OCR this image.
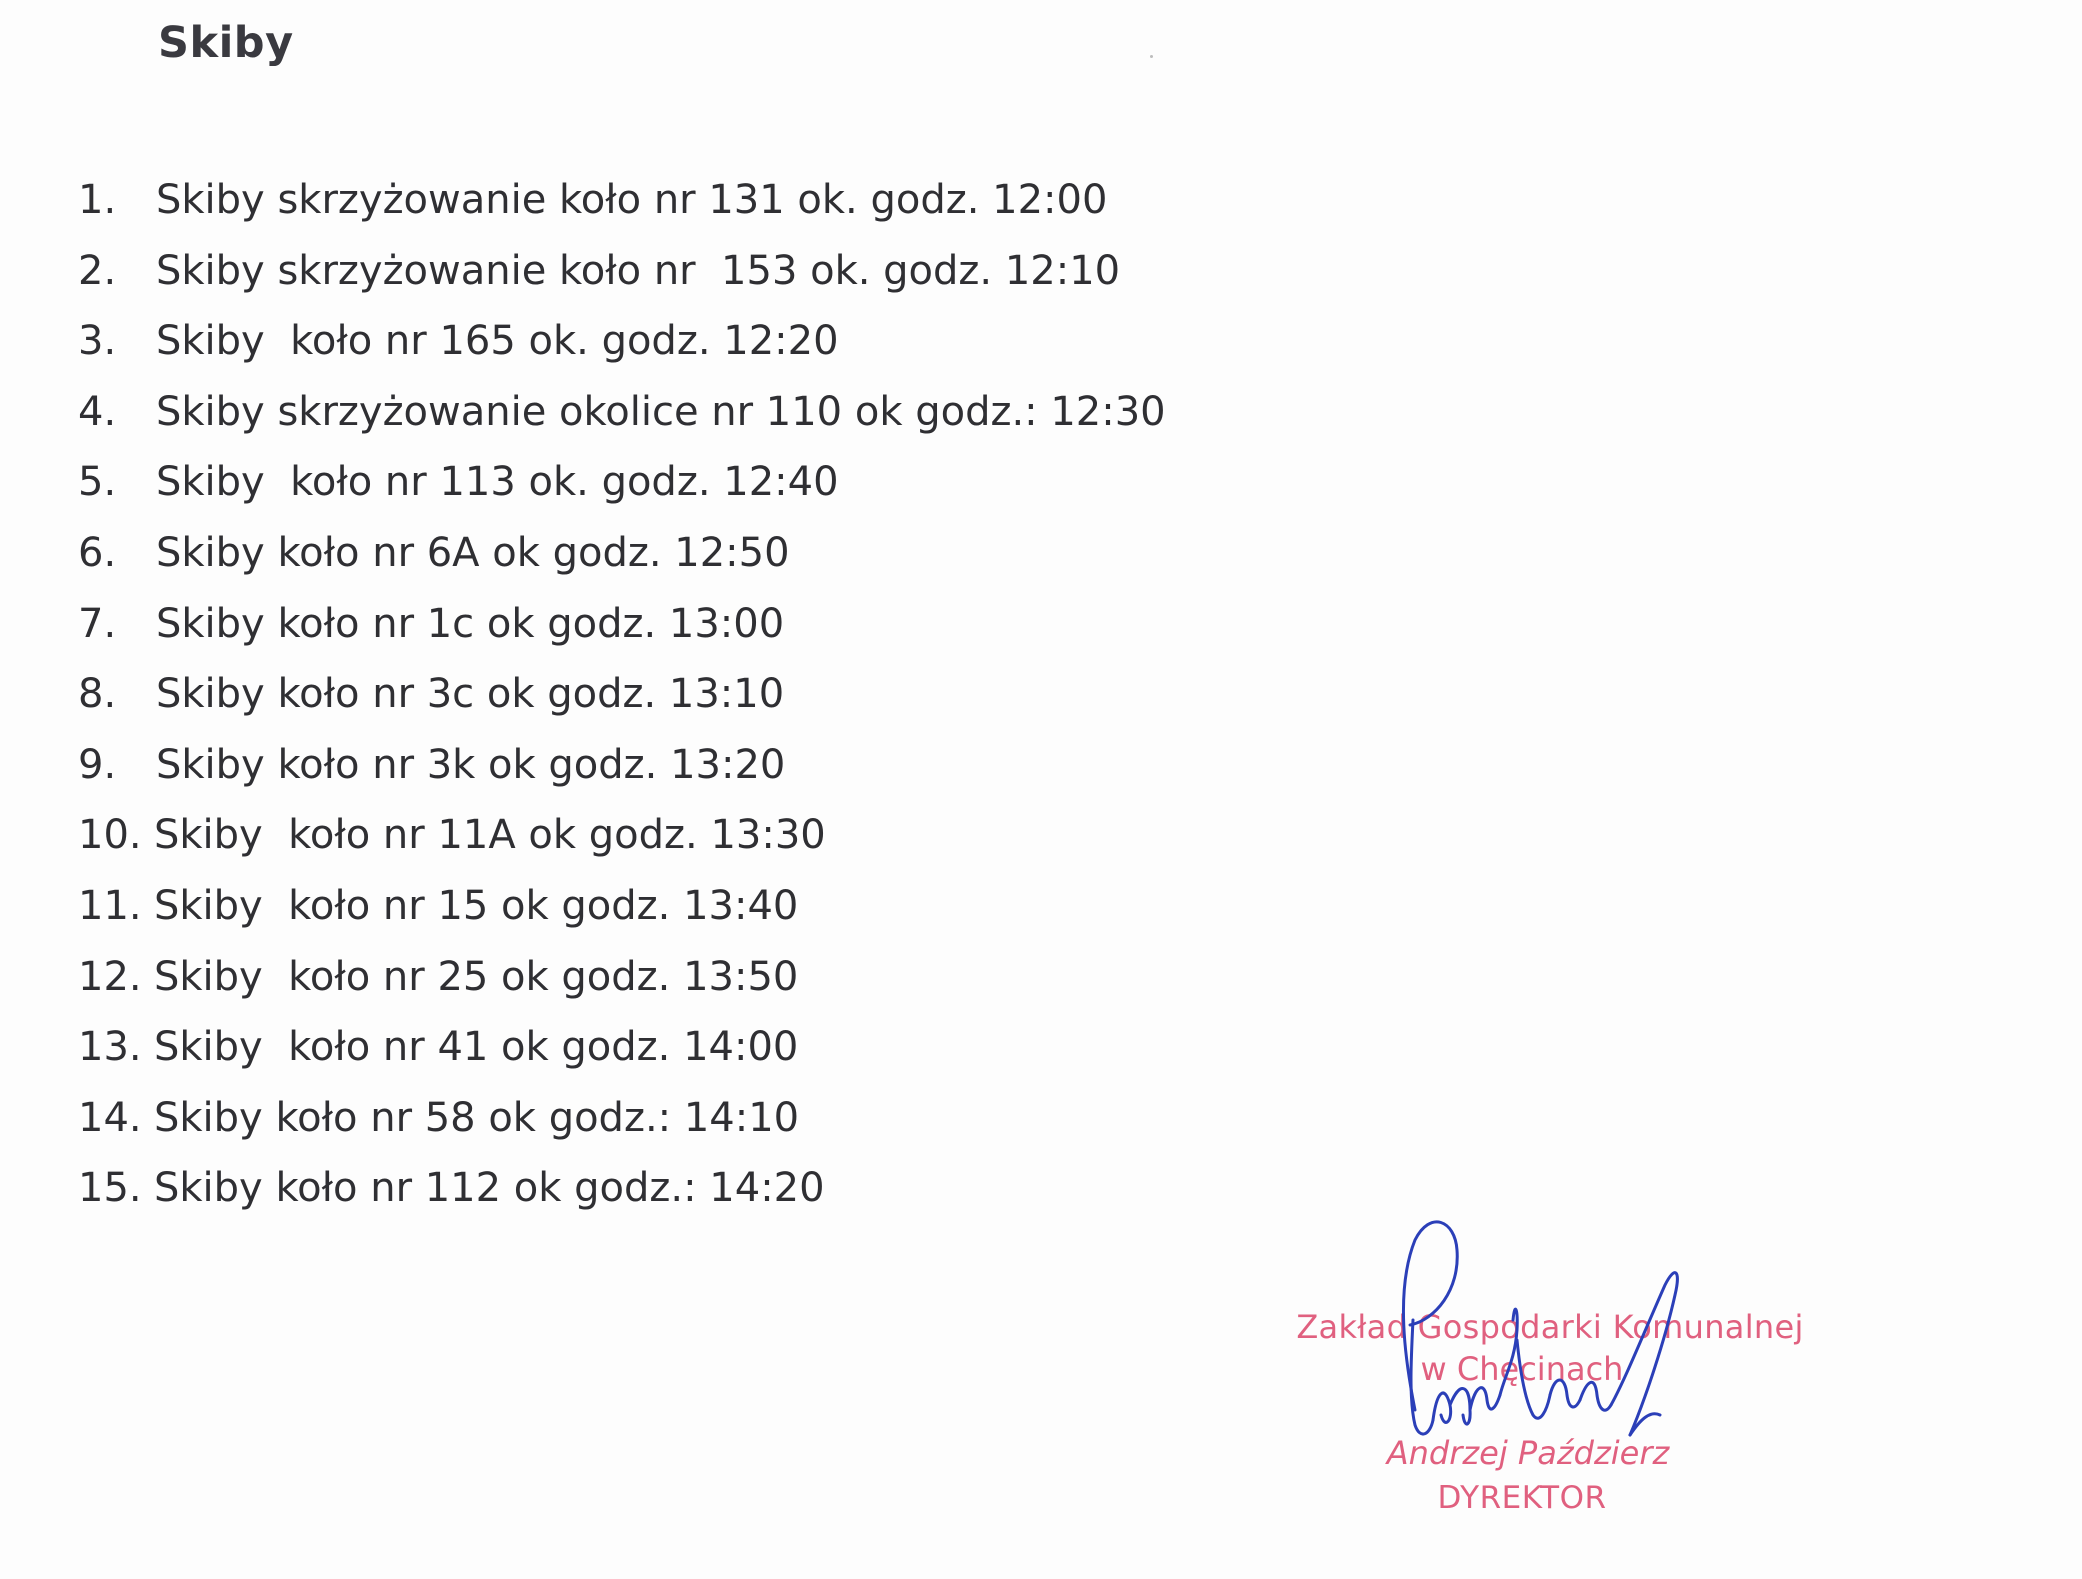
Skiby
1. Skiby skrzyżowanie koło nr 131 ok. godz. 12:00
2. Skiby skrzyżowanie koło nr  153 ok. godz. 12:10
3. Skiby  koło nr 165 ok. godz. 12:20
4. Skiby skrzyżowanie okolice nr 110 ok godz.: 12:30
5. Skiby  koło nr 113 ok. godz. 12:40
6. Skiby koło nr 6A ok godz. 12:50
7. Skiby koło nr 1c ok godz. 13:00
8. Skiby koło nr 3c ok godz. 13:10
9. Skiby koło nr 3k ok godz. 13:20
10. Skiby  koło nr 11A ok godz. 13:30
11. Skiby  koło nr 15 ok godz. 13:40
12. Skiby  koło nr 25 ok godz. 13:50
13. Skiby  koło nr 41 ok godz. 14:00
14. Skiby koło nr 58 ok godz.: 14:10
15. Skiby koło nr 112 ok godz.: 14:20
Zakład Gospodarki Komunalnej
w Chęcinach
Andrzej Paździerz
DYREKTOR
